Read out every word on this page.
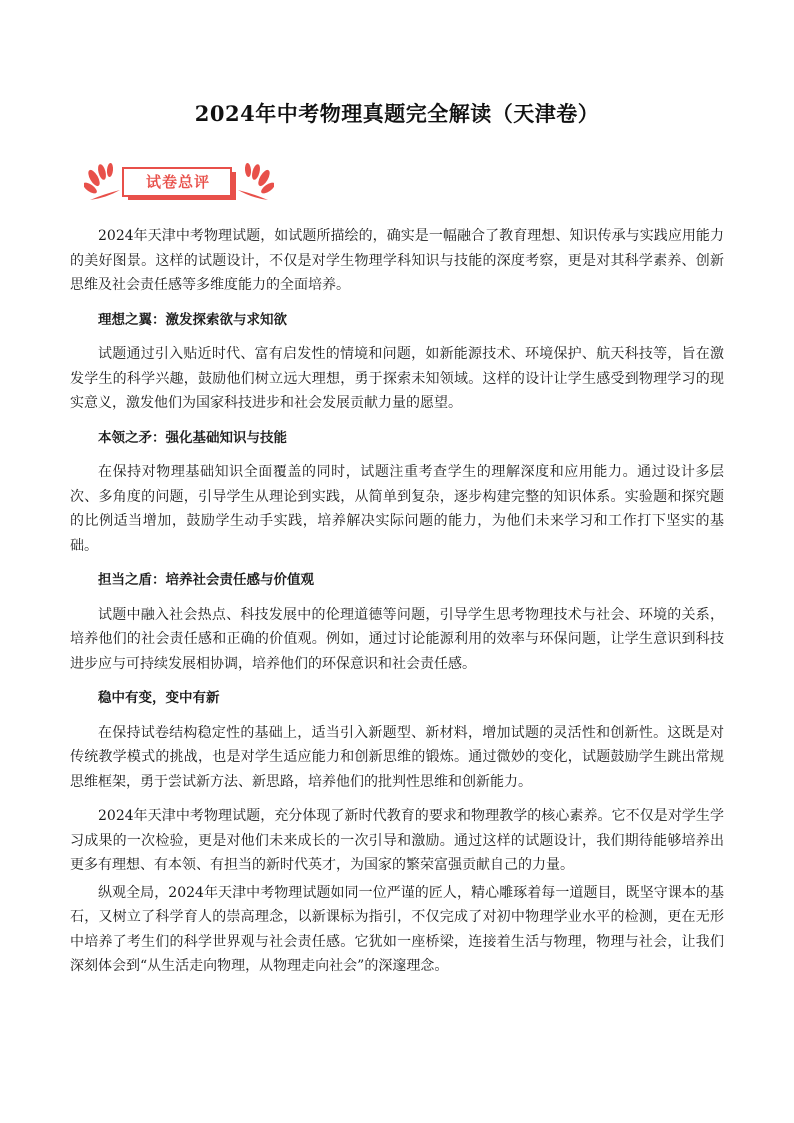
2024年中考物理真题完全解读（天津卷）
试卷总评

2024年天津中考物理试题，如试题所描绘的，确实是一幅融合了教育理想、知识传承与实践应用能力的美好图景。这样的试题设计，不仅是对学生物理学科知识与技能的深度考察，更是对其科学素养、创新思维及社会责任感等多维度能力的全面培养。

理想之翼：激发探索欲与求知欲

试题通过引入贴近时代、富有启发性的情境和问题，如新能源技术、环境保护、航天科技等，旨在激发学生的科学兴趣，鼓励他们树立远大理想，勇于探索未知领域。这样的设计让学生感受到物理学习的现实意义，激发他们为国家科技进步和社会发展贡献力量的愿望。

本领之矛：强化基础知识与技能

在保持对物理基础知识全面覆盖的同时，试题注重考查学生的理解深度和应用能力。通过设计多层次、多角度的问题，引导学生从理论到实践，从简单到复杂，逐步构建完整的知识体系。实验题和探究题的比例适当增加，鼓励学生动手实践，培养解决实际问题的能力，为他们未来学习和工作打下坚实的基础。

担当之盾：培养社会责任感与价值观

试题中融入社会热点、科技发展中的伦理道德等问题，引导学生思考物理技术与社会、环境的关系，培养他们的社会责任感和正确的价值观。例如，通过讨论能源利用的效率与环保问题，让学生意识到科技进步应与可持续发展相协调，培养他们的环保意识和社会责任感。

稳中有变，变中有新

在保持试卷结构稳定性的基础上，适当引入新题型、新材料，增加试题的灵活性和创新性。这既是对传统教学模式的挑战，也是对学生适应能力和创新思维的锻炼。通过微妙的变化，试题鼓励学生跳出常规思维框架，勇于尝试新方法、新思路，培养他们的批判性思维和创新能力。

2024年天津中考物理试题，充分体现了新时代教育的要求和物理教学的核心素养。它不仅是对学生学习成果的一次检验，更是对他们未来成长的一次引导和激励。通过这样的试题设计，我们期待能够培养出更多有理想、有本领、有担当的新时代英才，为国家的繁荣富强贡献自己的力量。

纵观全局，2024年天津中考物理试题如同一位严谨的匠人，精心雕琢着每一道题目，既坚守课本的基石，又树立了科学育人的崇高理念，以新课标为指引，不仅完成了对初中物理学业水平的检测，更在无形中培养了考生们的科学世界观与社会责任感。它犹如一座桥梁，连接着生活与物理，物理与社会，让我们深刻体会到“从生活走向物理，从物理走向社会”的深邃理念。
